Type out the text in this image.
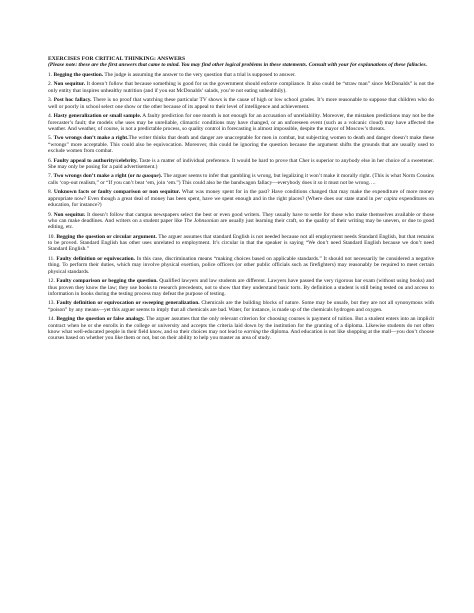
EXERCISES FOR CRITICAL THINKING: ANSWERS

(Please note: these are the first answers that came to mind. You may find other logical problems in these statements. Consult with your for explanations of these fallacies.

1. Begging the question. The judge is assuming the answer to the very question that a trial is supposed to answer.

2. Non sequitur. It doesn’t follow that because something is good for us the government should enforce compliance. It also could be “straw man” since McDonalds” is not the only entity that inspires unhealthy nutrition (and if you eat McDonalds’ salads, you’re not eating unhealthily).

3. Post hoc fallacy. There is no proof that watching these particular TV shows is the cause of high or low school grades. It’s more reasonable to suppose that children who do well or poorly in school select one show or the other because of its appeal to their level of intelligence and achievement.

4. Hasty generalization or small sample. A faulty prediction for one month is not enough for an accusation of unreliability. Moreover, the mistaken predictions may not be the forecaster’s fault; the models s/he uses may be unreliable, climactic conditions may have changed, or an unforeseen event (such as a volcanic cloud) may have affected the weather. And weather, of course, is not a predictable process, so quality control in forecasting is almost impossible, despite the mayor of Moscow’s threats.

5. Two wrongs don’t make a right.The writer thinks that death and danger are unacceptable for men in combat, but subjecting women to death and danger doesn’t make these “wrongs” more acceptable. This could also be equivocation. Moreover, this could be ignoring the question because the argument shifts the grounds that are usually used to exclude women from combat.

6. Faulty appeal to authority/celebrity. Taste is a matter of individual preference. It would be hard to prove that Cher is superior to anybody else in her choice of a sweetener. She may only be posing for a paid advertisement.)

7. Two wrongs don’t make a right (or tu quoque). The arguer seems to infer that gambling is wrong, but legalizing it won’t make it morally right. (This is what Norm Cousins calls ‘cop-out realism,” or “If you can’t beat ‘em, join ‘em.”) This could also be the bandwagon fallacy—everybody does it so it must not be wrong….

8. Unknown facts or faulty comparison or non sequitur. What was money spent for in the past? Have conditions changed that may make the expenditure of more money appropriate now? Even though a great deal of money has been spent, have we spent enough and in the right places? (Where does our state stand in per capita expenditures on education, for instance?)

9. Non sequitur. It doesn’t follow that campus newspapers select the best or even good writers. They usually have to settle for those who make themselves available or those who can make deadlines. And writers on a student paper like The Johnsonian are usually just learning their craft, so the quality of their writing may be uneven, or due to good editing, etc.

10. Begging the question or circular argument. The arguer assumes that standard English is not needed because not all employment needs Standard English, but that remains to be proved. Standard English has other uses unrelated to employment. It’s circular in that the speaker is saying “We don’t need Standard English because we don’t need Standard English.”

11. Faulty definition or equivocation. In this case, discrimination means “making choices based on applicable standards.” It should not necessarily be considered a negative thing. To perform their duties, which may involve physical exertion, police officers (or other public officials such as firefighters) may reasonably be required to meet certain physical standards.

12. Faulty comparison or begging the question. Qualified lawyers and law students are different. Lawyers have passed the very rigorous bar exam (without using books) and thus proven they know the law; they use books to research precedents, not to show that they understand basic torts. By definition a student is still being tested on and access to information in books during the testing process may defeat the purpose of testing.

13. Faulty definition or equivocation or sweeping generalization. Chemicals are the building blocks of nature. Some may be unsafe, but they are not all synonymous with “poison” by any means—yet this arguer seems to imply that all chemicals are bad. Water, for instance, is made up of the chemicals hydrogen and oxygen.

14. Begging the question or false analogy. The arguer assumes that the only relevant criterion for choosing courses is payment of tuition. But a student enters into an implicit contract when he or she enrolls in the college or university and accepts the criteria laid down by the institution for the granting of a diploma. Likewise students do not often know what well-educated people in their field know, and so their choices may not lead to earning the diploma. And education is not like shopping at the mall—you don’t choose courses based on whether you like them or not, but on their ability to help you master an area of study.
